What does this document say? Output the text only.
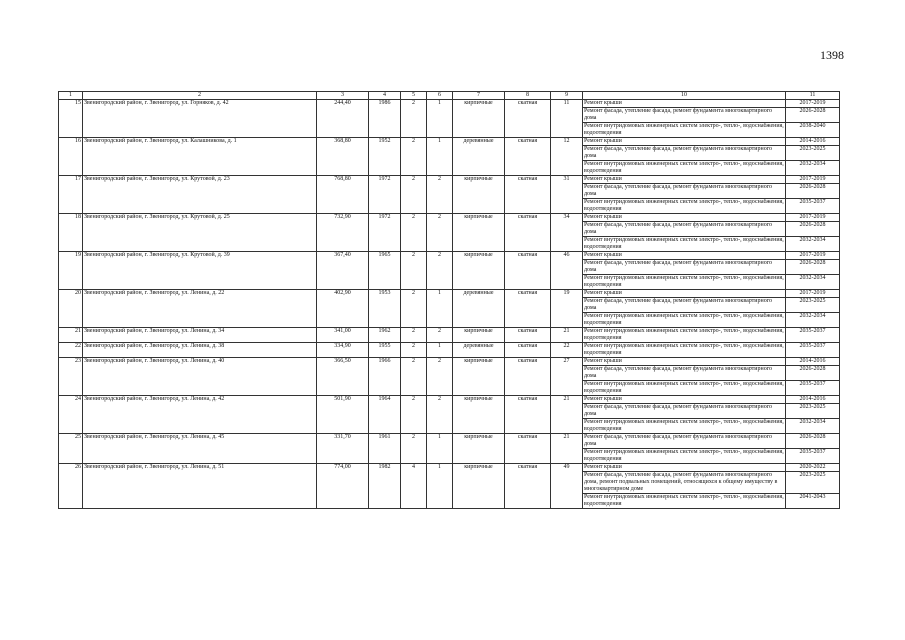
1398
1	2	3	4	5	6	7	8	9	10	11
15	Звенигородский район, г. Звенигород, ул. Горняков, д. 42	244,40	1986	2	1	кирпичные	скатная	11	Ремонт крыши	2017-2019
									Ремонт фасада, утепление фасада, ремонт фундамента многоквартирного дома	2026-2028
									Ремонт внутридомовых инженерных систем электро-, тепло-, водоснабжения, водоотведения	2038-2040
16	Звенигородский район, г. Звенигород, ул. Калашникова, д. 1	368,80	1952	2	1	деревянные	скатная	12	Ремонт крыши	2014-2016
									Ремонт фасада, утепление фасада, ремонт фундамента многоквартирного дома	2023-2025
									Ремонт внутридомовых инженерных систем электро-, тепло-, водоснабжения, водоотведения	2032-2034
17	Звенигородский район, г. Звенигород, ул. Крутовой, д. 23	768,80	1972	2	2	кирпичные	скатная	31	Ремонт крыши	2017-2019
									Ремонт фасада, утепление фасада, ремонт фундамента многоквартирного дома	2026-2028
									Ремонт внутридомовых инженерных систем электро-, тепло-, водоснабжения, водоотведения	2035-2037
18	Звенигородский район, г. Звенигород, ул. Крутовой, д. 25	732,90	1972	2	2	кирпичные	скатная	34	Ремонт крыши	2017-2019
									Ремонт фасада, утепление фасада, ремонт фундамента многоквартирного дома	2026-2028
									Ремонт внутридомовых инженерных систем электро-, тепло-, водоснабжения, водоотведения	2032-2034
19	Звенигородский район, г. Звенигород, ул. Крутовой, д. 39	367,40	1965	2	2	кирпичные	скатная	46	Ремонт крыши	2017-2019
									Ремонт фасада, утепление фасада, ремонт фундамента многоквартирного дома	2026-2028
									Ремонт внутридомовых инженерных систем электро-, тепло-, водоснабжения, водоотведения	2032-2034
20	Звенигородский район, г. Звенигород, ул. Ленина, д. 22	402,90	1953	2	1	деревянные	скатная	19	Ремонт крыши	2017-2019
									Ремонт фасада, утепление фасада, ремонт фундамента многоквартирного дома	2023-2025
									Ремонт внутридомовых инженерных систем электро-, тепло-, водоснабжения, водоотведения	2032-2034
21	Звенигородский район, г. Звенигород, ул. Ленина, д. 34	341,00	1962	2	2	кирпичные	скатная	21	Ремонт внутридомовых инженерных систем электро-, тепло-, водоснабжения, водоотведения	2035-2037
22	Звенигородский район, г. Звенигород, ул. Ленина, д. 38	334,90	1955	2	1	деревянные	скатная	22	Ремонт внутридомовых инженерных систем электро-, тепло-, водоснабжения, водоотведения	2035-2037
23	Звенигородский район, г. Звенигород, ул. Ленина, д. 40	366,50	1966	2	2	кирпичные	скатная	27	Ремонт крыши	2014-2016
									Ремонт фасада, утепление фасада, ремонт фундамента многоквартирного дома	2026-2028
									Ремонт внутридомовых инженерных систем электро-, тепло-, водоснабжения, водоотведения	2035-2037
24	Звенигородский район, г. Звенигород, ул. Ленина, д. 42	501,90	1964	2	2	кирпичные	скатная	21	Ремонт крыши	2014-2016
									Ремонт фасада, утепление фасада, ремонт фундамента многоквартирного дома	2023-2025
									Ремонт внутридомовых инженерных систем электро-, тепло-, водоснабжения, водоотведения	2032-2034
25	Звенигородский район, г. Звенигород, ул. Ленина, д. 45	331,70	1961	2	1	кирпичные	скатная	21	Ремонт фасада, утепление фасада, ремонт фундамента многоквартирного дома	2026-2028
									Ремонт внутридомовых инженерных систем электро-, тепло-, водоснабжения, водоотведения	2035-2037
26	Звенигородский район, г. Звенигород, ул. Ленина, д. 51	774,00	1982	4	1	кирпичные	скатная	49	Ремонт крыши	2020-2022
									Ремонт фасада, утепление фасада, ремонт фундамента многоквартирного дома, ремонт подвальных помещений, относящихся к общему имуществу в многоквартирном доме	2023-2025
									Ремонт внутридомовых инженерных систем электро-, тепло-, водоснабжения, водоотведения	2041-2043
